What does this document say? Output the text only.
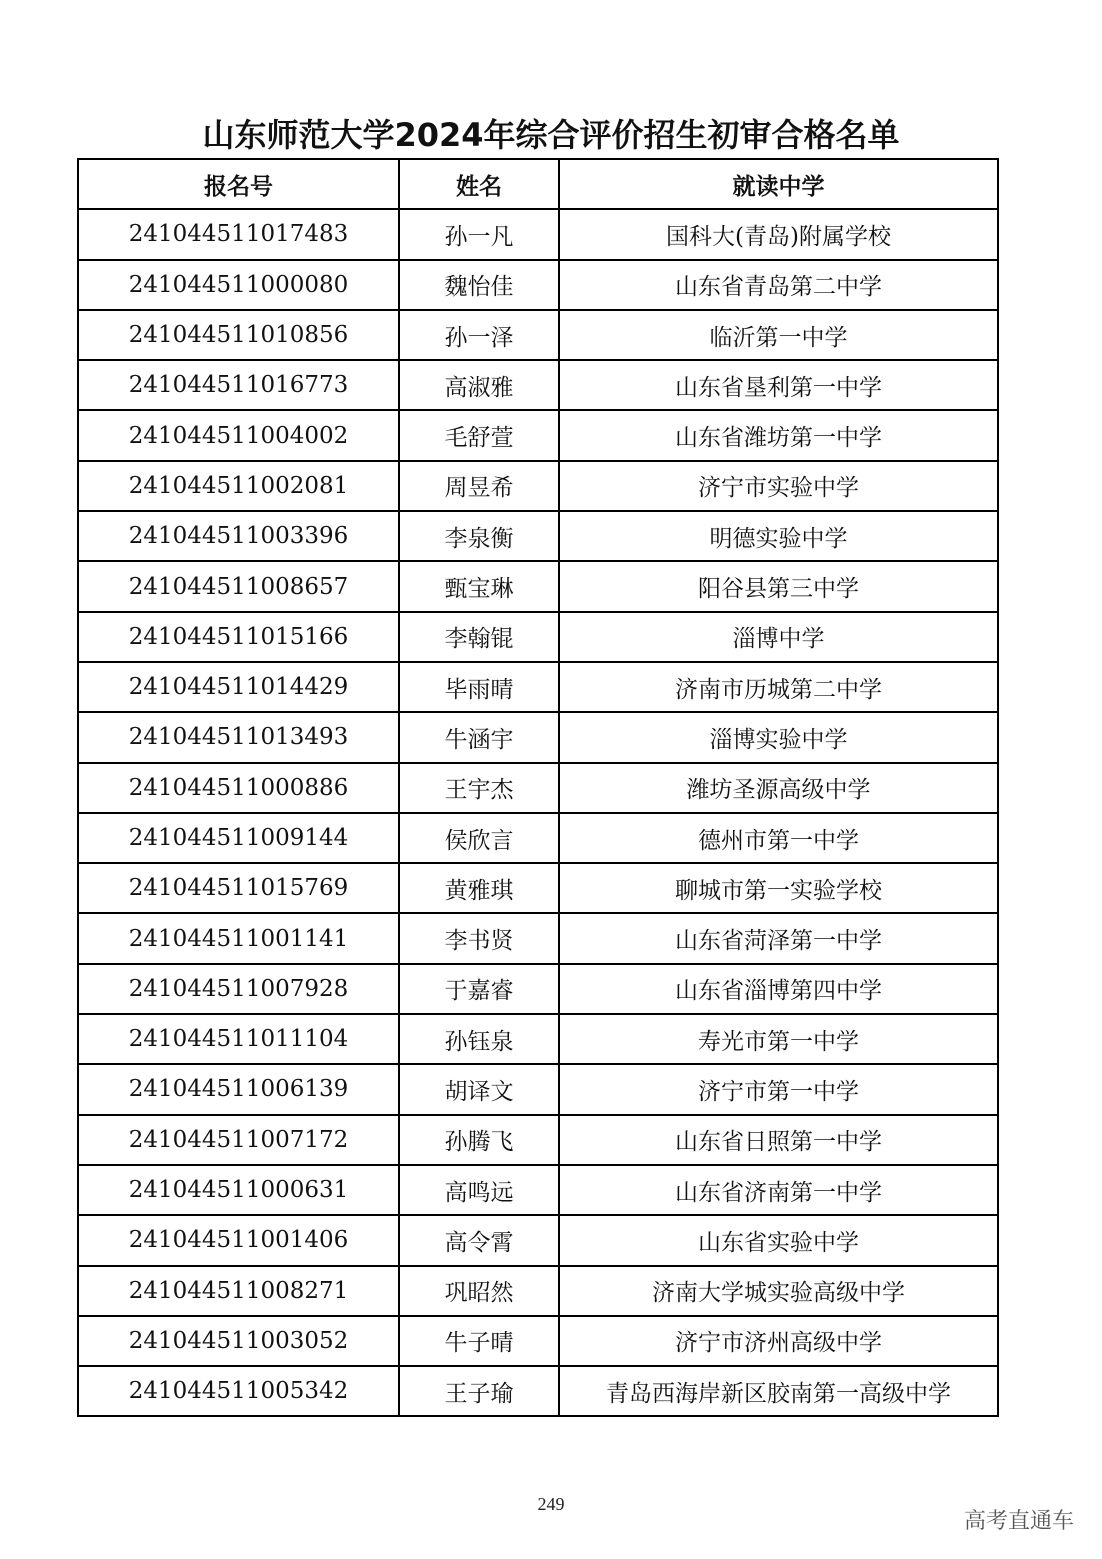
山东师范大学2024年综合评价招生初审合格名单
报名号	姓名	就读中学
241044511017483	孙一凡	国科大(青岛)附属学校
241044511000080	魏怡佳	山东省青岛第二中学
241044511010856	孙一泽	临沂第一中学
241044511016773	高淑雅	山东省垦利第一中学
241044511004002	毛舒萱	山东省潍坊第一中学
241044511002081	周昱希	济宁市实验中学
241044511003396	李泉衡	明德实验中学
241044511008657	甄宝琳	阳谷县第三中学
241044511015166	李翰锟	淄博中学
241044511014429	毕雨晴	济南市历城第二中学
241044511013493	牛涵宇	淄博实验中学
241044511000886	王宇杰	潍坊圣源高级中学
241044511009144	侯欣言	德州市第一中学
241044511015769	黄雅琪	聊城市第一实验学校
241044511001141	李书贤	山东省菏泽第一中学
241044511007928	于嘉睿	山东省淄博第四中学
241044511011104	孙钰泉	寿光市第一中学
241044511006139	胡译文	济宁市第一中学
241044511007172	孙腾飞	山东省日照第一中学
241044511000631	高鸣远	山东省济南第一中学
241044511001406	高令霄	山东省实验中学
241044511008271	巩昭然	济南大学城实验高级中学
241044511003052	牛子晴	济宁市济州高级中学
241044511005342	王子瑜	青岛西海岸新区胶南第一高级中学
249
高考直通车
